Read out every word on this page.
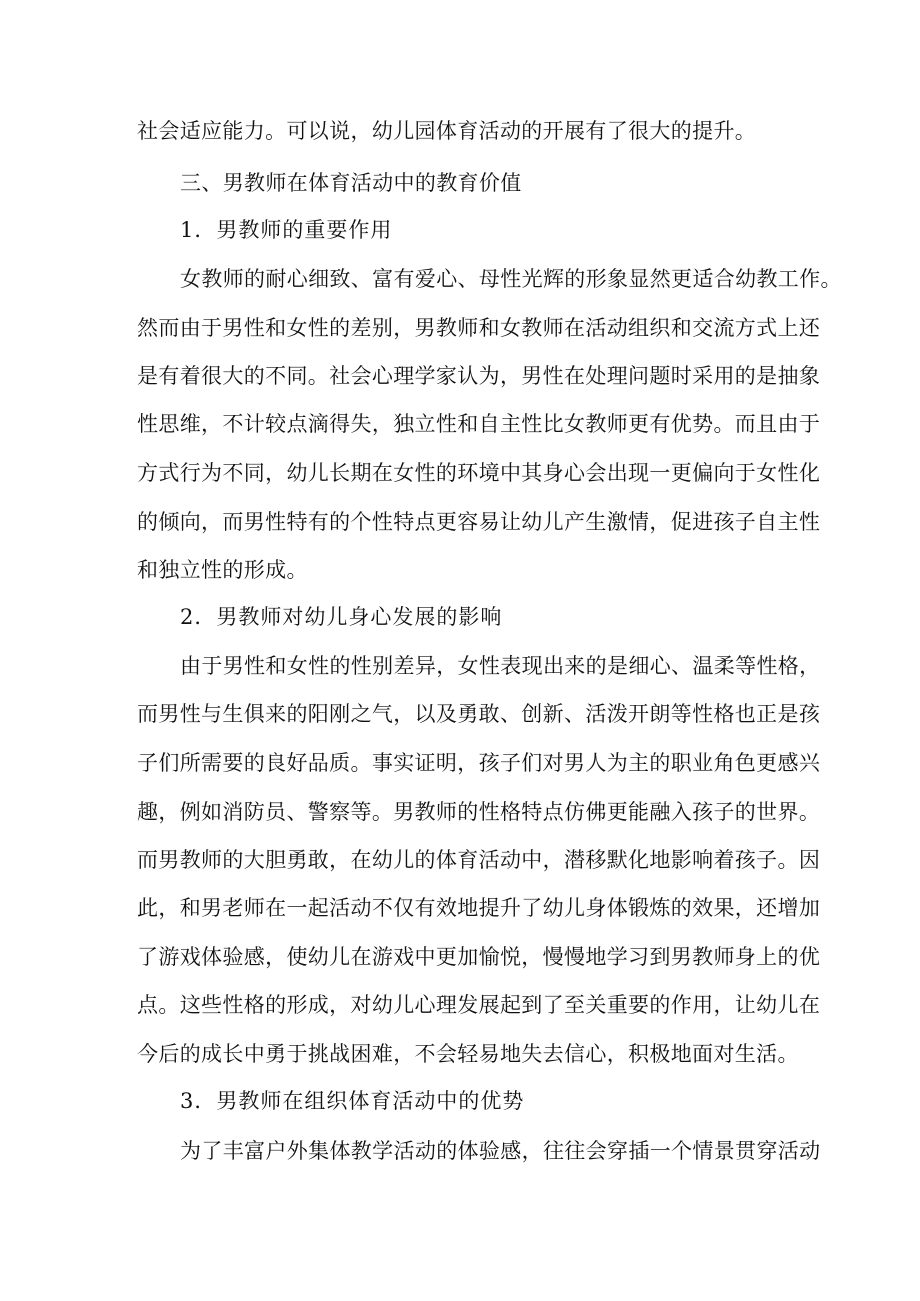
社会适应能力。可以说，幼儿园体育活动的开展有了很大的提升。
三、男教师在体育活动中的教育价值
1．男教师的重要作用
女教师的耐心细致、富有爱心、母性光辉的形象显然更适合幼教工作。
然而由于男性和女性的差别，男教师和女教师在活动组织和交流方式上还
是有着很大的不同。社会心理学家认为，男性在处理问题时采用的是抽象
性思维，不计较点滴得失，独立性和自主性比女教师更有优势。而且由于
方式行为不同，幼儿长期在女性的环境中其身心会出现一更偏向于女性化
的倾向，而男性特有的个性特点更容易让幼儿产生激情，促进孩子自主性
和独立性的形成。
2．男教师对幼儿身心发展的影响
由于男性和女性的性别差异，女性表现出来的是细心、温柔等性格，
而男性与生俱来的阳刚之气，以及勇敢、创新、活泼开朗等性格也正是孩
子们所需要的良好品质。事实证明，孩子们对男人为主的职业角色更感兴
趣，例如消防员、警察等。男教师的性格特点仿佛更能融入孩子的世界。
而男教师的大胆勇敢，在幼儿的体育活动中，潜移默化地影响着孩子。因
此，和男老师在一起活动不仅有效地提升了幼儿身体锻炼的效果，还增加
了游戏体验感，使幼儿在游戏中更加愉悦，慢慢地学习到男教师身上的优
点。这些性格的形成，对幼儿心理发展起到了至关重要的作用，让幼儿在
今后的成长中勇于挑战困难，不会轻易地失去信心，积极地面对生活。
3．男教师在组织体育活动中的优势
为了丰富户外集体教学活动的体验感，往往会穿插一个情景贯穿活动
